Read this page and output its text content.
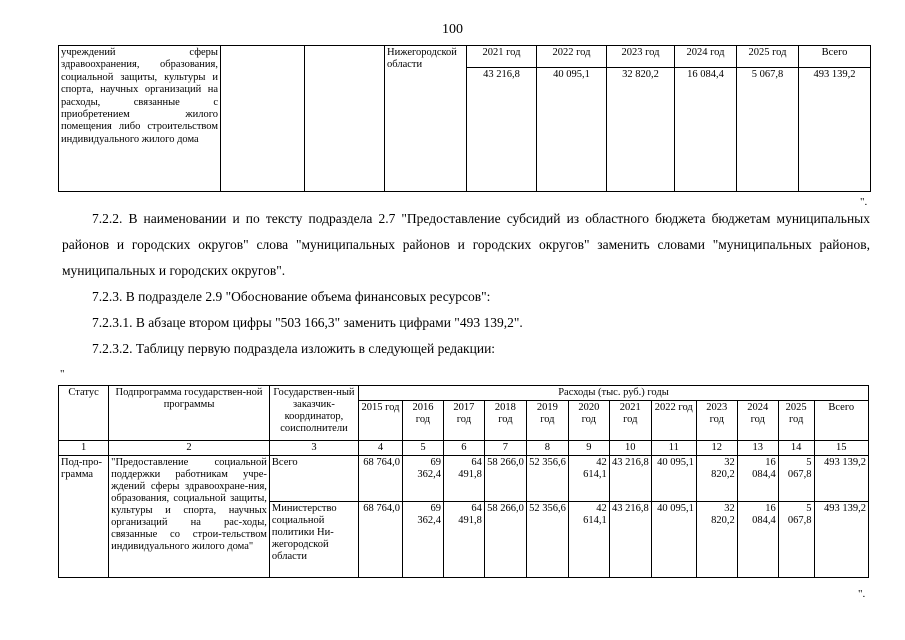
100
учреждений сферы здравоохранения, образования, социальной защиты, культуры и спорта, научных организаций на расходы, связанные с приобретением жилого помещения либо строительством индивидуального жилого дома			Нижегородской области	2021 год	2022 год	2023 год	2024 год	2025 год	Всего
				43 216,8	40 095,1	32 820,2	16 084,4	5 067,8	493 139,2
".

7.2.2. В наименовании и по тексту подраздела 2.7 "Предоставление субсидий из областного бюджета бюджетам муниципальных районов и городских округов" слова "муниципальных районов и городских округов" заменить словами "муниципальных районов, муниципальных и городских округов".

7.2.3. В подразделе 2.9 "Обоснование объема финансовых ресурсов":

7.2.3.1. В абзаце втором цифры "503 166,3" заменить цифрами "493 139,2".

7.2.3.2. Таблицу первую подраздела изложить в следующей редакции:

"
Статус	Подпрограмма государствен-ной программы	Государствен-ный заказчик-координатор, соисполнители	Расходы (тыс. руб.) годы											
			2015 год	2016 год	2017 год	2018 год	2019 год	2020 год	2021 год	2022 год	2023 год	2024 год	2025 год	Всего
1	2	3	4	5	6	7	8	9	10	11	12	13	14	15
Под-про-грамма	"Предоставление социальной поддержки работникам учре-ждений сферы здравоохране-ния, образования, социальной защиты, культуры и спорта, научных организаций на рас-ходы, связанные со строи-тельством индивидуального жилого дома"	Всего	68 764,0	69 362,4	64 491,8	58 266,0	52 356,6	42 614,1	43 216,8	40 095,1	32 820,2	16 084,4	5 067,8	493 139,2
		Министерство социальной политики Ни-жегородской области	68 764,0	69 362,4	64 491,8	58 266,0	52 356,6	42 614,1	43 216,8	40 095,1	32 820,2	16 084,4	5 067,8	493 139,2
".
